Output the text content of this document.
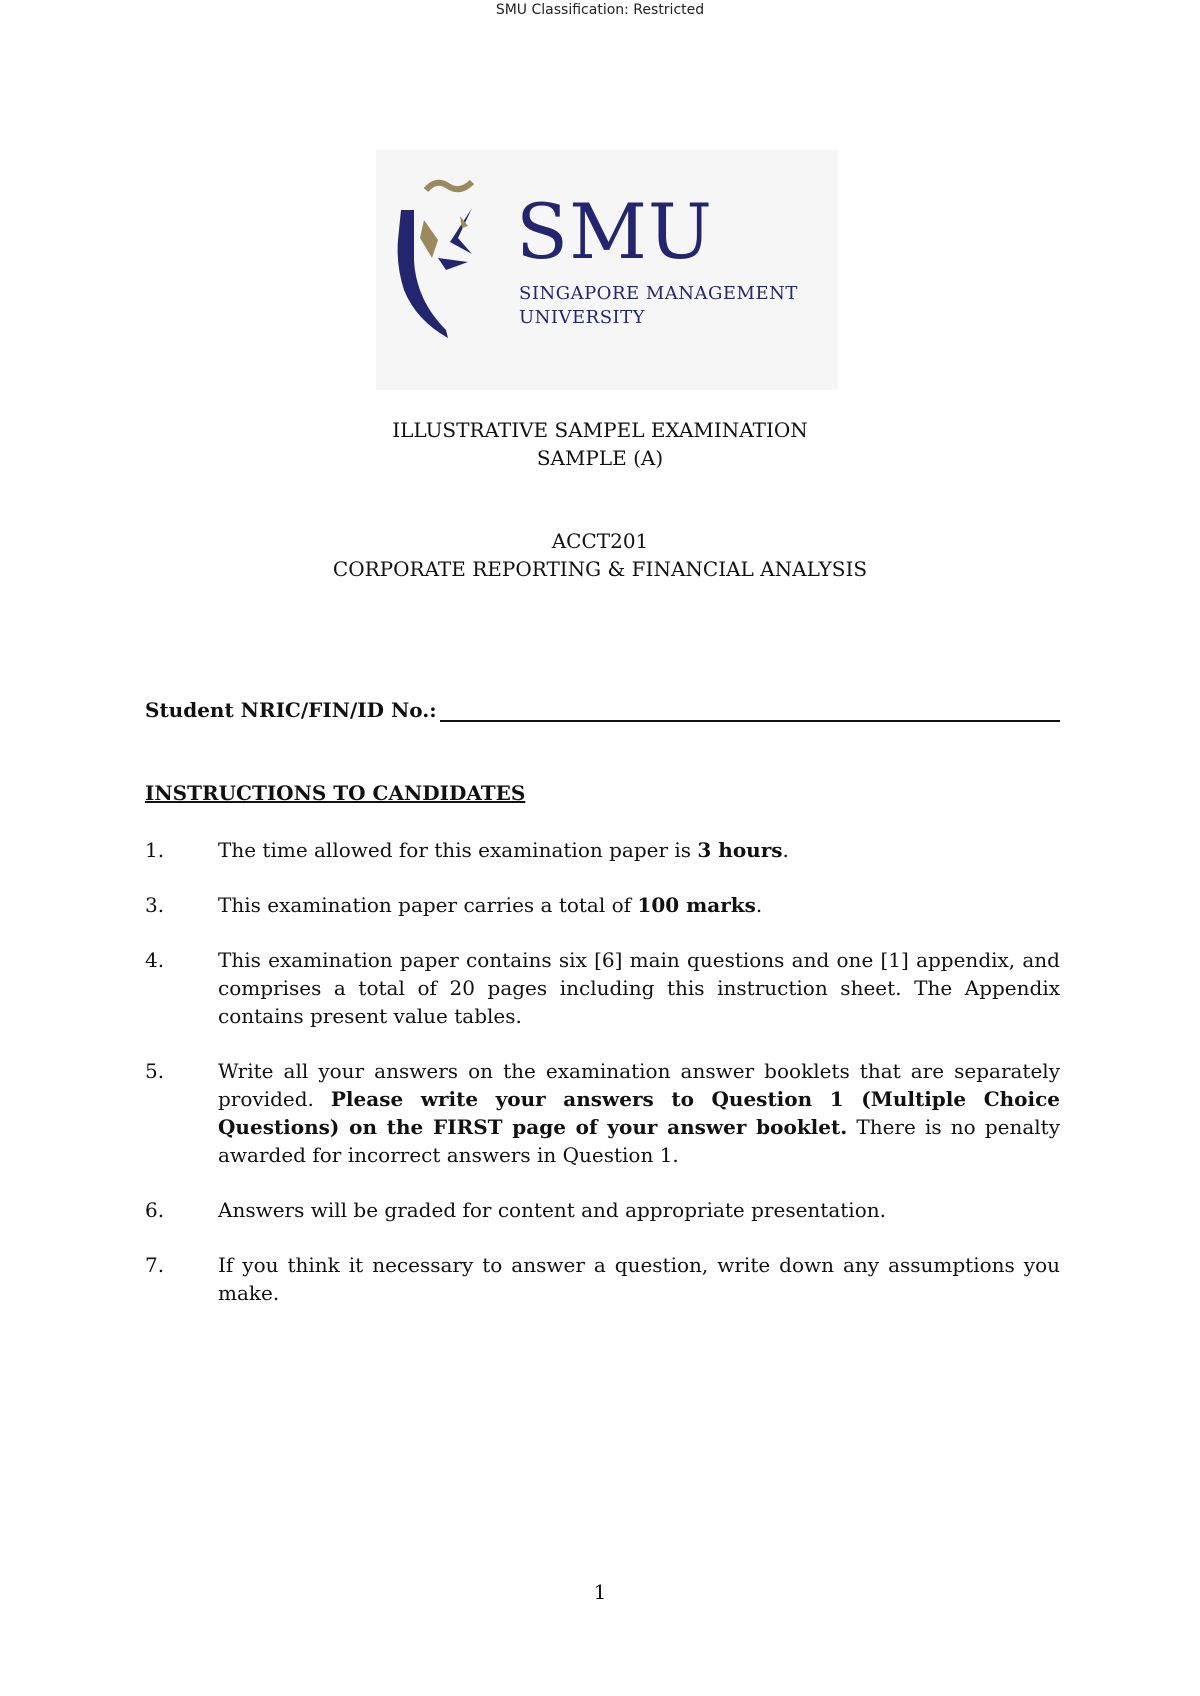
SMU Classification: Restricted
SMU
SINGAPORE MANAGEMENT
UNIVERSITY
ILLUSTRATIVE SAMPEL EXAMINATION
SAMPLE (A)
ACCT201
CORPORATE REPORTING & FINANCIAL ANALYSIS
Student NRIC/FIN/ID No.:
INSTRUCTIONS TO CANDIDATES
1.	The time allowed for this examination paper is 3 hours.
3.	This examination paper carries a total of 100 marks.
4.	This examination paper contains six [6] main questions and one [1] appendix, and comprises a total of 20 pages including this instruction sheet. The Appendix contains present value tables.
5.	Write all your answers on the examination answer booklets that are separately provided. Please write your answers to Question 1 (Multiple Choice Questions) on the FIRST page of your answer booklet. There is no penalty awarded for incorrect answers in Question 1.
6.	Answers will be graded for content and appropriate presentation.
7.	If you think it necessary to answer a question, write down any assumptions you make.
1
